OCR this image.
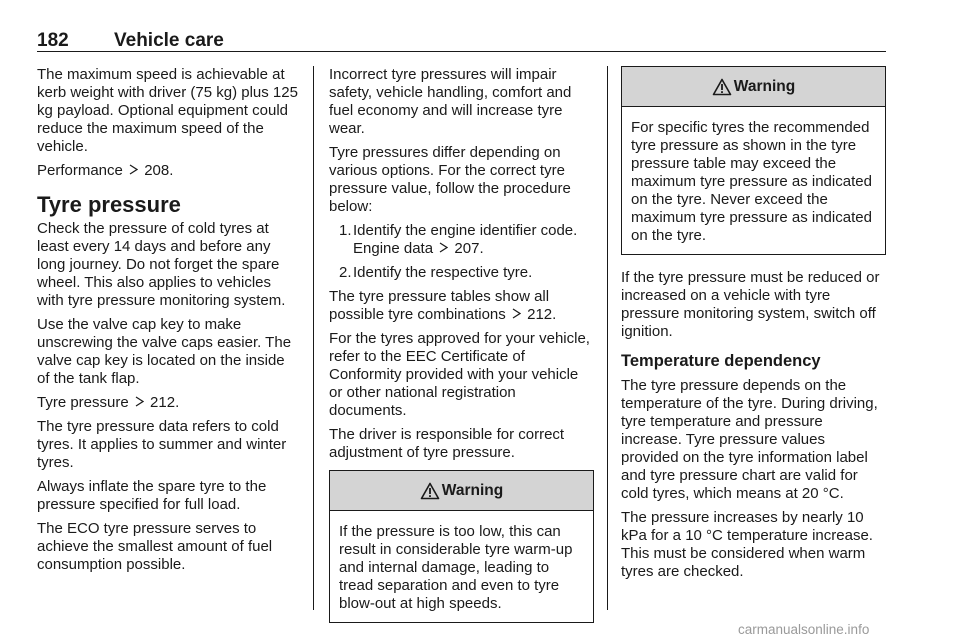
182 Vehicle care

The maximum speed is achievable at kerb weight with driver (75 kg) plus 125 kg payload. Optional equipment could reduce the maximum speed of the vehicle.

Performance 208.

Tyre pressure

Check the pressure of cold tyres at least every 14 days and before any long journey. Do not forget the spare wheel. This also applies to vehicles with tyre pressure monitoring system.

Use the valve cap key to make unscrewing the valve caps easier. The valve cap key is located on the inside of the tank flap.

Tyre pressure 212.

The tyre pressure data refers to cold tyres. It applies to summer and winter tyres.

Always inflate the spare tyre to the pressure specified for full load.

The ECO tyre pressure serves to achieve the smallest amount of fuel consumption possible.

Incorrect tyre pressures will impair safety, vehicle handling, comfort and fuel economy and will increase tyre wear.

Tyre pressures differ depending on various options. For the correct tyre pressure value, follow the procedure below:

1. Identify the engine identifier code. Engine data 207.
2. Identify the respective tyre.

The tyre pressure tables show all possible tyre combinations 212.

For the tyres approved for your vehicle, refer to the EEC Certificate of Conformity provided with your vehicle or other national registration documents.

The driver is responsible for correct adjustment of tyre pressure.

Warning
If the pressure is too low, this can result in considerable tyre warm-up and internal damage, leading to tread separation and even to tyre blow-out at high speeds.
Warning
For specific tyres the recommended tyre pressure as shown in the tyre pressure table may exceed the maximum tyre pressure as indicated on the tyre. Never exceed the maximum tyre pressure as indicated on the tyre.

If the tyre pressure must be reduced or increased on a vehicle with tyre pressure monitoring system, switch off ignition.

Temperature dependency

The tyre pressure depends on the temperature of the tyre. During driving, tyre temperature and pressure increase. Tyre pressure values provided on the tyre information label and tyre pressure chart are valid for cold tyres, which means at 20 °C.

The pressure increases by nearly 10 kPa for a 10 °C temperature increase. This must be considered when warm tyres are checked.

carmanualsonline.info
